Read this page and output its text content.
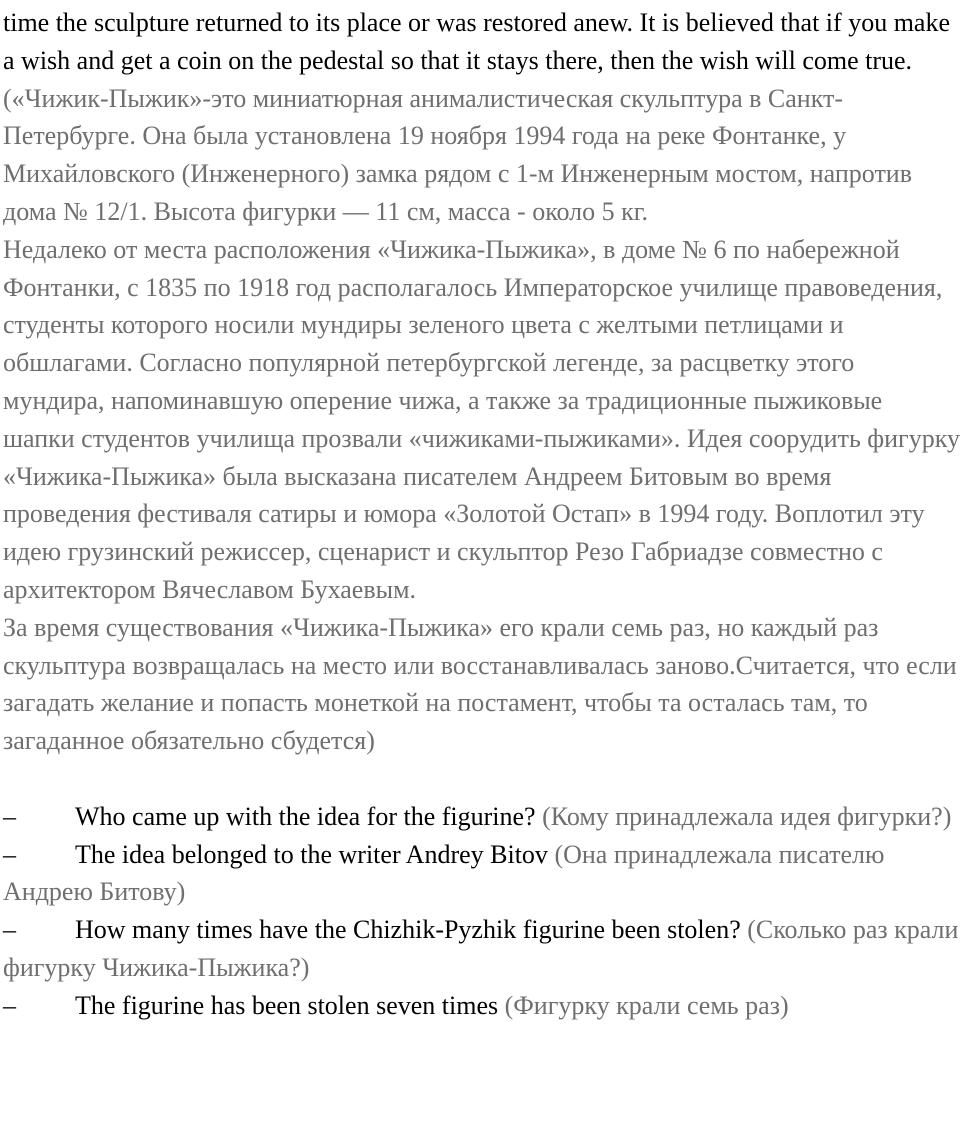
time the sculpture returned to its place or was restored anew. It is believed that if you make a wish and get a coin on the pedestal so that it stays there, then the wish will come true. («Чижик-Пыжик»-это миниатюрная анималистическая скульптура в Санкт-Петербурге. Она была установлена 19 ноября 1994 года на реке Фонтанке, у Михайловского (Инженерного) замка рядом с 1-м Инженерным мостом, напротив дома № 12/1. Высота фигурки — 11 см, масса - около 5 кг.

Недалеко от места расположения «Чижика-Пыжика», в доме № 6 по набережной Фонтанки, с 1835 по 1918 год располагалось Императорское училище правоведения, студенты которого носили мундиры зеленого цвета с желтыми петлицами и обшлагами. Согласно популярной петербургской легенде, за расцветку этого мундира, напоминавшую оперение чижа, а также за традиционные пыжиковые шапки студентов училища прозвали «чижиками-пыжиками». Идея соорудить фигурку «Чижика-Пыжика» была высказана писателем Андреем Битовым во время проведения фестиваля сатиры и юмора «Золотой Остап» в 1994 году. Воплотил эту идею грузинский режиссер, сценарист и скульптор Резо Габриадзе совместно с архитектором Вячеславом Бухаевым.

За время существования «Чижика-Пыжика» его крали семь раз, но каждый раз скульптура возвращалась на место или восстанавливалась заново.Считается, что если загадать желание и попасть монеткой на постамент, чтобы та осталась там, то загаданное обязательно сбудется)

– Who came up with the idea for the figurine? (Кому принадлежала идея фигурки?)

– The idea belonged to the writer Andrey Bitov (Она принадлежала писателю Андрею Битову)

– How many times have the Chizhik-Pyzhik figurine been stolen? (Сколько раз крали фигурку Чижика-Пыжика?)

– The figurine has been stolen seven times (Фигурку крали семь раз)
